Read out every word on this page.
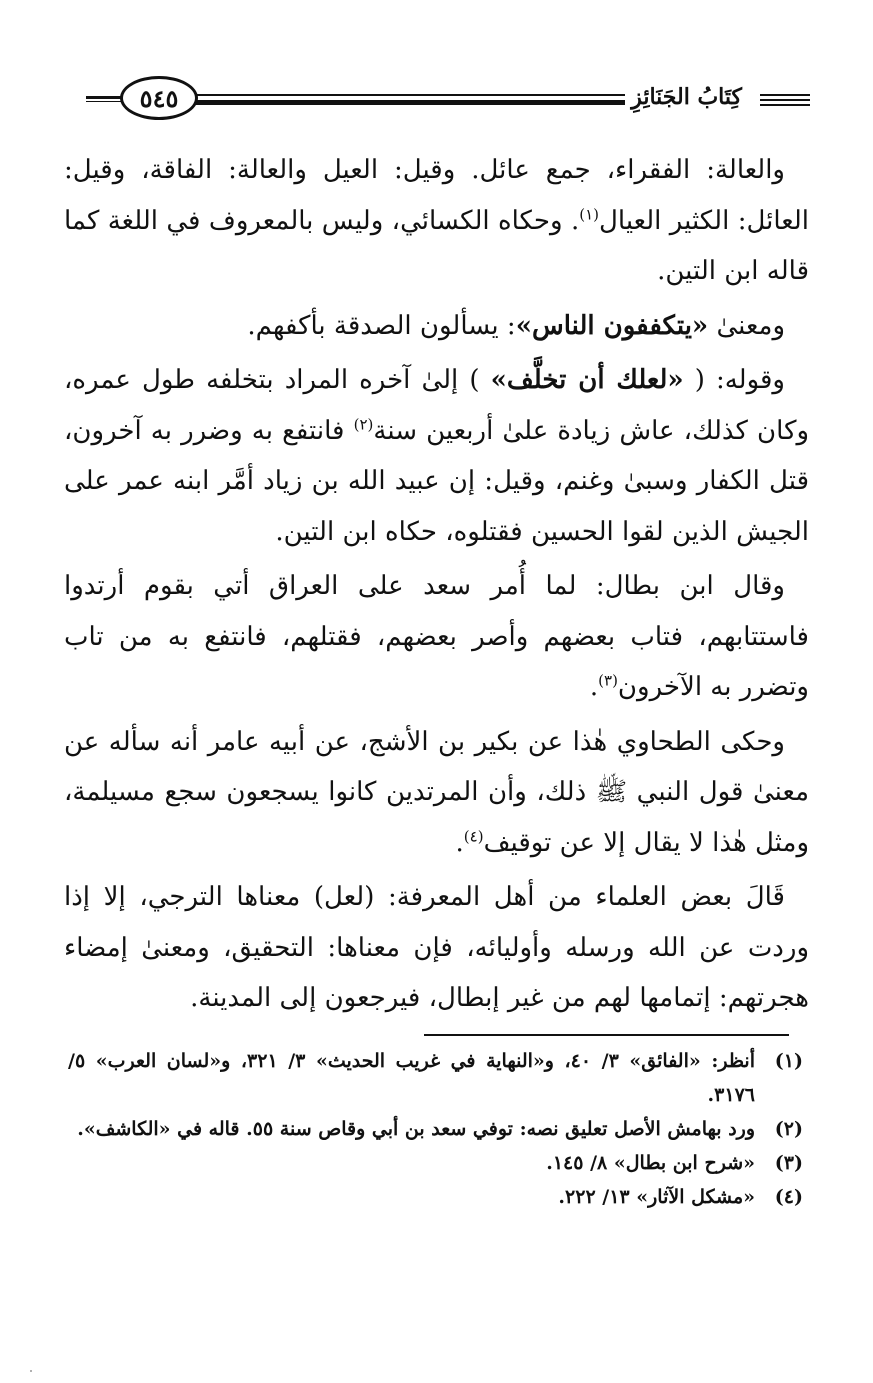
٥٤٥	كِتَابُ الجَنَائِزِ

والعالة: الفقراء، جمع عائل. وقيل: العيل والعالة: الفاقة، وقيل: العائل: الكثير العيال$^{(١)}$. وحكاه الكسائي، وليس بالمعروف في اللغة كما قاله ابن التين.

ومعنىٰ «يتكففون الناس»: يسألون الصدقة بأكفهم.

وقوله: ( «لعلك أن تخلَّف» ) إلىٰ آخره المراد بتخلفه طول عمره، وكان كذلك، عاش زيادة علىٰ أربعين سنة$^{(٢)}$ فانتفع به وضرر به آخرون، قتل الكفار وسبىٰ وغنم، وقيل: إن عبيد الله بن زياد أمَّر ابنه عمر على الجيش الذين لقوا الحسين فقتلوه، حكاه ابن التين.

وقال ابن بطال: لما أُمر سعد على العراق أتي بقوم أرتدوا فاستتابهم، فتاب بعضهم وأصر بعضهم، فقتلهم، فانتفع به من تاب وتضرر به الآخرون$^{(٣)}$.

وحكى الطحاوي هٰذا عن بكير بن الأشج، عن أبيه عامر أنه سأله عن معنىٰ قول النبي ﷺ ذلك، وأن المرتدين كانوا يسجعون سجع مسيلمة، ومثل هٰذا لا يقال إلا عن توقيف$^{(٤)}$.

قَالَ بعض العلماء من أهل المعرفة: (لعل) معناها الترجي، إلا إذا وردت عن الله ورسله وأوليائه، فإن معناها: التحقيق، ومعنىٰ إمضاء هجرتهم: إتمامها لهم من غير إبطال، فيرجعون إلى المدينة.

(١)
أنظر: «الفائق» ٣/ ٤٠، و«النهاية في غريب الحديث» ٣/ ٣٢١، و«لسان العرب» ٥/ ٣١٧٦.
(٢)
ورد بهامش الأصل تعليق نصه: توفي سعد بن أبي وقاص سنة ٥٥. قاله في «الكاشف».
(٣)
«شرح ابن بطال» ٨/ ١٤٥.
(٤)
«مشكل الآثار» ١٣/ ٢٢٢.
